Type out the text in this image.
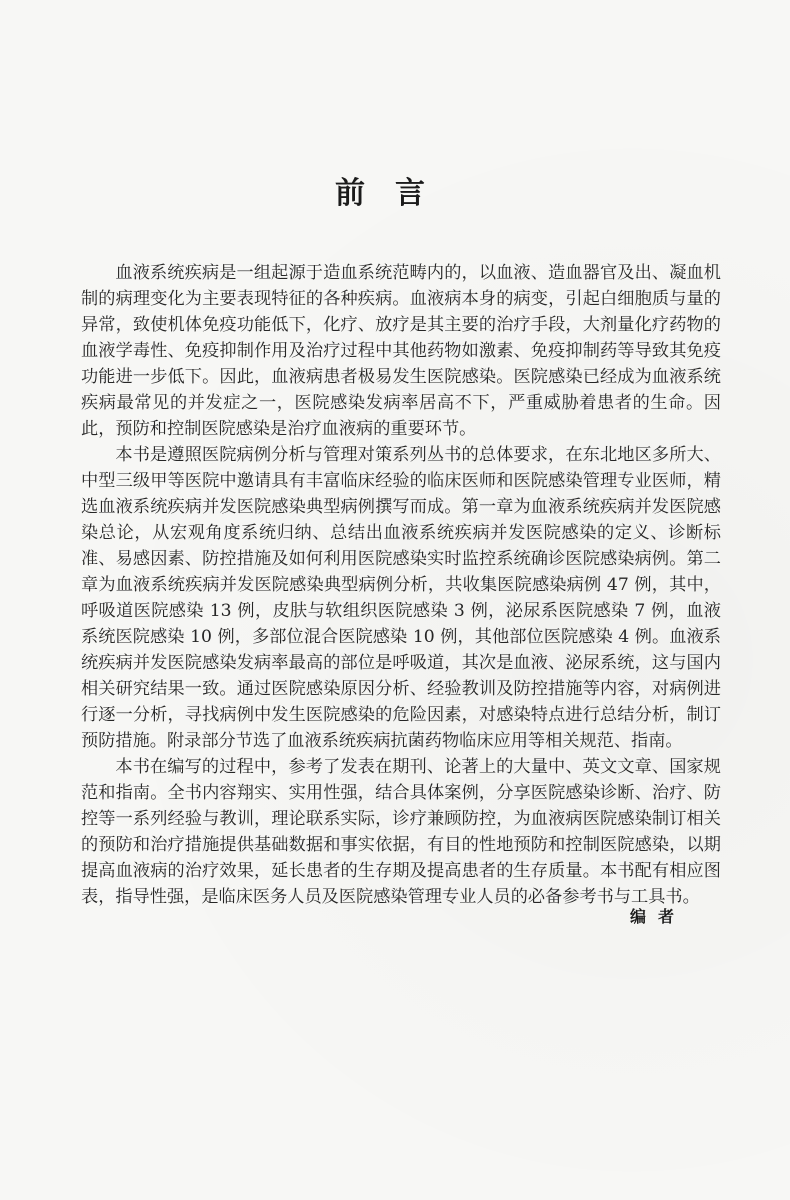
前言

血液系统疾病是一组起源于造血系统范畴内的，以血液、造血器官及出、凝血机制的病理变化为主要表现特征的各种疾病。血液病本身的病变，引起白细胞质与量的异常，致使机体免疫功能低下，化疗、放疗是其主要的治疗手段，大剂量化疗药物的血液学毒性、免疫抑制作用及治疗过程中其他药物如激素、免疫抑制药等导致其免疫功能进一步低下。因此，血液病患者极易发生医院感染。医院感染已经成为血液系统疾病最常见的并发症之一，医院感染发病率居高不下，严重威胁着患者的生命。因此，预防和控制医院感染是治疗血液病的重要环节。

本书是遵照医院病例分析与管理对策系列丛书的总体要求，在东北地区多所大、中型三级甲等医院中邀请具有丰富临床经验的临床医师和医院感染管理专业医师，精选血液系统疾病并发医院感染典型病例撰写而成。第一章为血液系统疾病并发医院感染总论，从宏观角度系统归纳、总结出血液系统疾病并发医院感染的定义、诊断标准、易感因素、防控措施及如何利用医院感染实时监控系统确诊医院感染病例。第二章为血液系统疾病并发医院感染典型病例分析，共收集医院感染病例 47 例，其中，呼吸道医院感染 13 例，皮肤与软组织医院感染 3 例，泌尿系医院感染 7 例，血液系统医院感染 10 例，多部位混合医院感染 10 例，其他部位医院感染 4 例。血液系统疾病并发医院感染发病率最高的部位是呼吸道，其次是血液、泌尿系统，这与国内相关研究结果一致。通过医院感染原因分析、经验教训及防控措施等内容，对病例进行逐一分析，寻找病例中发生医院感染的危险因素，对感染特点进行总结分析，制订预防措施。附录部分节选了血液系统疾病抗菌药物临床应用等相关规范、指南。

本书在编写的过程中，参考了发表在期刊、论著上的大量中、英文文章、国家规范和指南。全书内容翔实、实用性强，结合具体案例，分享医院感染诊断、治疗、防控等一系列经验与教训，理论联系实际，诊疗兼顾防控，为血液病医院感染制订相关的预防和治疗措施提供基础数据和事实依据，有目的性地预防和控制医院感染，以期提高血液病的治疗效果，延长患者的生存期及提高患者的生存质量。本书配有相应图表，指导性强，是临床医务人员及医院感染管理专业人员的必备参考书与工具书。

编者
